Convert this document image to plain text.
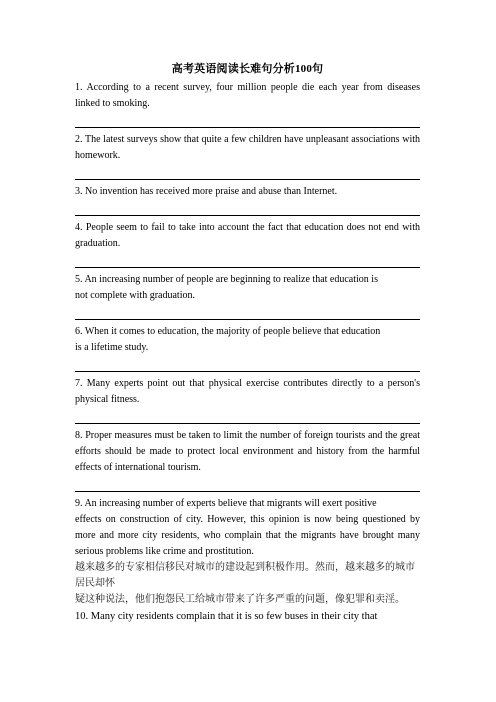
高考英语阅读长难句分析100句

1. According to a recent survey, four million people die each year from diseases linked to smoking.

2. The latest surveys show that quite a few children have unpleasant associations with homework.

3. No invention has received more praise and abuse than Internet.

4. People seem to fail to take into account the fact that education does not end with graduation.

5. An increasing number of people are beginning to realize that education is
not complete with graduation.

6. When it comes to education, the majority of people believe that education
is a lifetime study.

7. Many experts point out that physical exercise contributes directly to a person's physical fitness.

8. Proper measures must be taken to limit the number of foreign tourists and the great efforts should be made to protect local environment and history from the harmful effects of international tourism.

9. An increasing number of experts believe that migrants will exert positive

effects on construction of city. However, this opinion is now being questioned by more and more city residents, who complain that the migrants have brought many serious problems like crime and prostitution.

越来越多的专家相信移民对城市的建设起到积极作用。然而，越来越多的城市居民却怀
疑这种说法，他们抱怨民工给城市带来了许多严重的问题，像犯罪和卖淫。

10. Many city residents complain that it is so few buses in their city that
